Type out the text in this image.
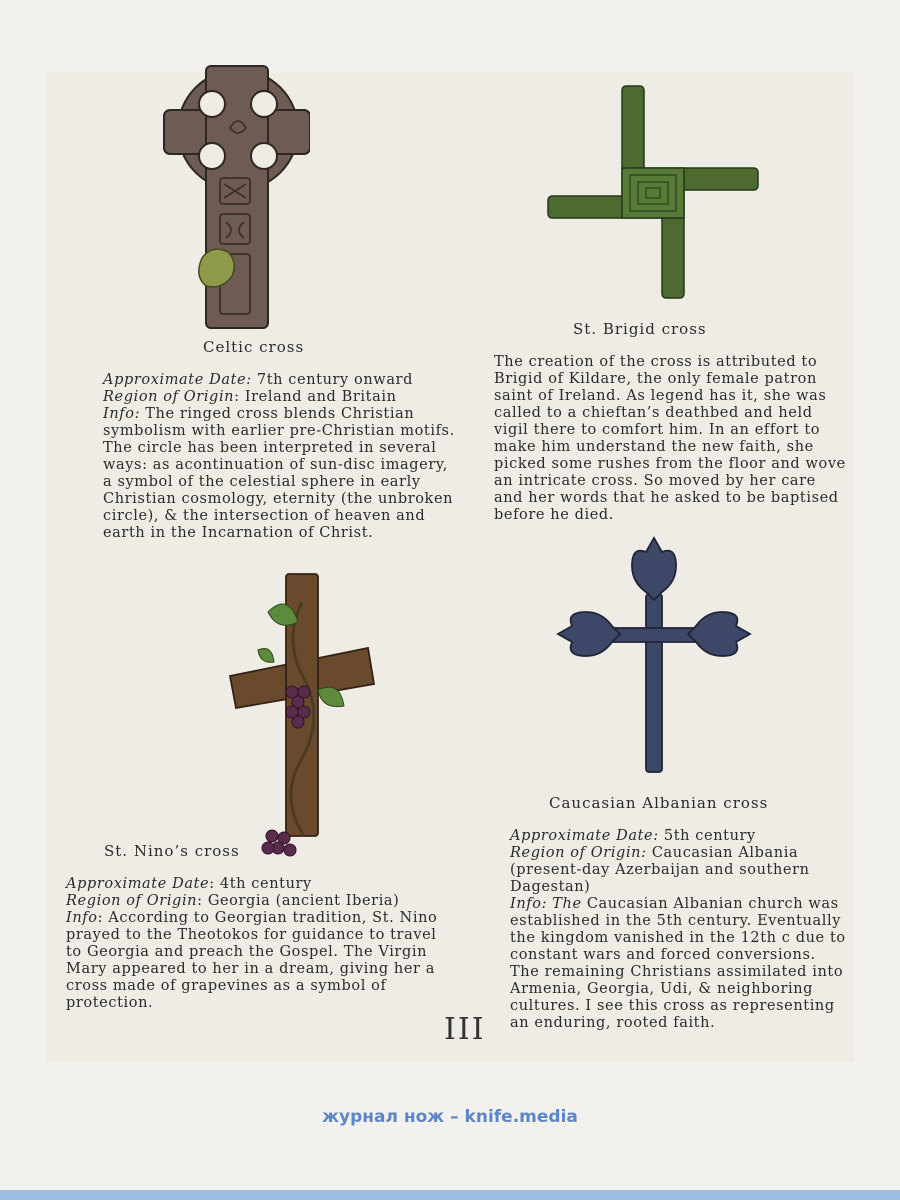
Celtic cross

Approximate Date: 7th century onward

Region of Origin: Ireland and Britain

Info: The ringed cross blends Christian symbolism with earlier pre-Christian motifs. The circle has been interpreted in several ways: as acontinuation of sun-disc imagery, a symbol of the celestial sphere in early Christian cosmology, eternity (the unbroken circle), & the intersection of heaven and earth in the Incarnation of Christ.

St. Brigid cross

The creation of the cross is attributed to Brigid of Kildare, the only female patron saint of Ireland. As legend has it, she was called to a chieftan’s deathbed and held vigil there to comfort him. In an effort to make him understand the new faith, she picked some rushes from the floor and wove an intricate cross. So moved by her care and her words that he asked to be baptised before he died.

St. Nino’s cross

Approximate Date: 4th century

Region of Origin: Georgia (ancient Iberia)

Info: According to Georgian tradition, St. Nino prayed to the Theotokos for guidance to travel to Georgia and preach the Gospel. The Virgin Mary appeared to her in a dream, giving her a cross made of grapevines as a symbol of protection.

Caucasian Albanian cross

Approximate Date: 5th century

Region of Origin: Caucasian Albania (present-day Azerbaijan and southern Dagestan)

Info: The Caucasian Albanian church was established in the 5th century. Eventually the kingdom vanished in the 12th c due to constant wars and forced conversions. The remaining Christians assimilated into Armenia, Georgia, Udi, & neighboring cultures. I see this cross as representing an enduring, rooted faith.

III
журнал нож – knife.media
